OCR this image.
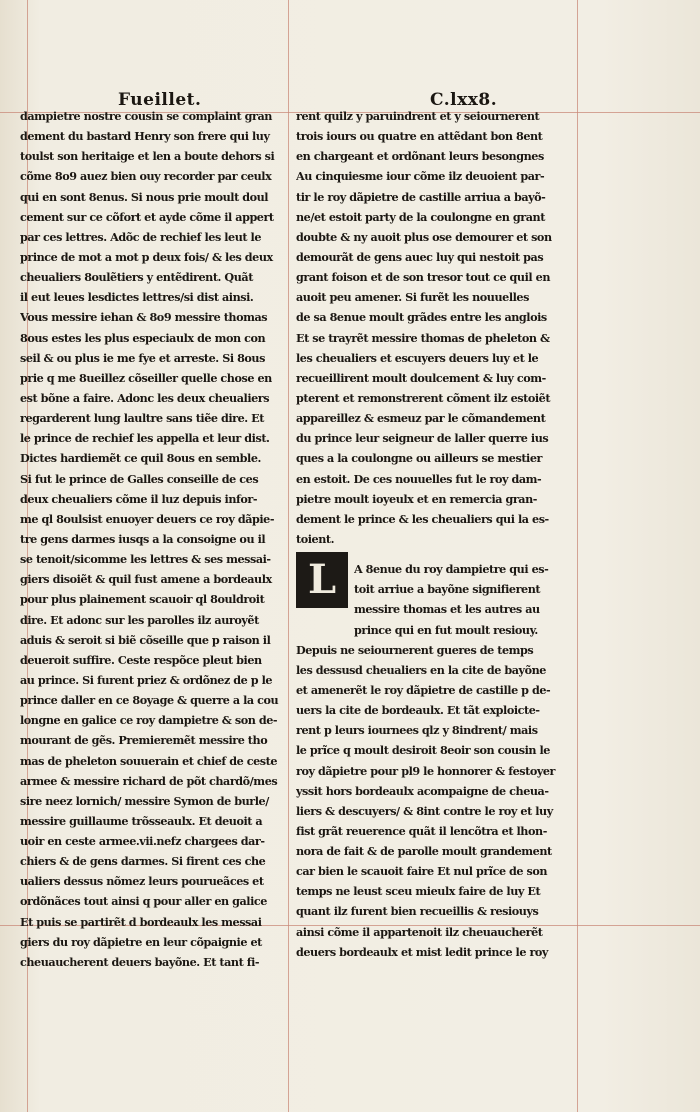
Fueillet.	C.lxx8.
dampietre nostre cousin se complaint gran
dement du bastard Henry son frere qui luy
toulst son heritaige et len a boute dehors si
cõme 8o9 auez bien ouy recorder par ceulx
qui en sont 8enus. Si nous prie moult doul
cement sur ce cõfort et ayde cõme il appert
par ces lettres. Adõc de rechief les leut le
prince de mot a mot p deux fois/ & les deux
cheualiers 8oulẽtiers y entẽdirent. Quãt
il eut leues lesdictes lettres/si dist ainsi.
Vous messire iehan & 8o9 messire thomas
8ous estes les plus especiaulx de mon con
seil & ou plus ie me fye et arreste. Si 8ous
prie q me 8ueillez cõseiller quelle chose en
est bõne a faire. Adonc les deux cheualiers
regarderent lung laultre sans tiẽe dire. Et
le prince de rechief les appella et leur dist.
Dictes hardiemẽt ce quil 8ous en semble.
Si fut le prince de Galles conseille de ces
deux cheualiers cõme il luz depuis infor-
me ql 8oulsist enuoyer deuers ce roy dãpie-
tre gens darmes iusqs a la consoigne ou il
se tenoit/sicomme les lettres & ses messai-
giers disoiẽt & quil fust amene a bordeaulx
pour plus plainement scauoir ql 8ouldroit
dire. Et adonc sur les parolles ilz auroyẽt
aduis & seroit si biẽ cõseille que p raison il
deueroit suffire. Ceste respõce pleut bien
au prince. Si furent priez & ordõnez de p le
prince daller en ce 8oyage & querre a la cou
longne en galice ce roy dampietre & son de-
mourant de gẽs. Premieremẽt messire tho
mas de pheleton souuerain et chief de ceste
armee & messire richard de põt chardõ/mes
sire neez lornich/ messire Symon de burle/
messire guillaume trõsseaulx. Et deuoit a
uoir en ceste armee.vii.nefz chargees dar-
chiers & de gens darmes. Si firent ces che
ualiers dessus nõmez leurs pourueãces et
ordõnãces tout ainsi q pour aller en galice
Et puis se partirẽt d bordeaulx les messai
giers du roy dãpietre en leur cõpaignie et
cheuaucherent deuers bayõne. Et tant fi-
rent quilz y paruindrent et y seiournerent
trois iours ou quatre en attẽdant bon 8ent
en chargeant et ordõnant leurs besongnes
Au cinquiesme iour cõme ilz deuoient par-
tir le roy dãpietre de castille arriua a bayõ-
ne/et estoit party de la coulongne en grant
doubte & ny auoit plus ose demourer et son
demourãt de gens auec luy qui nestoit pas
grant foison et de son tresor tout ce quil en
auoit peu amener. Si furẽt les nouuelles
de sa 8enue moult grãdes entre les anglois
Et se trayrẽt messire thomas de pheleton &
les cheualiers et escuyers deuers luy et le
recueillirent moult doulcement & luy com-
pterent et remonstrerent cõment ilz estoiẽt
appareillez & esmeuz par le cõmandement
du prince leur seigneur de laller querre ius
ques a la coulongne ou ailleurs se mestier
en estoit. De ces nouuelles fut le roy dam-
pietre moult ioyeulx et en remercia gran-
dement le prince & les cheualiers qui la es-
toient.
L	A 8enue du roy dampietre qui es-
toit arriue a bayõne signifierent
messire thomas et les autres au
prince qui en fut moult resiouy.
Depuis ne seiournerent gueres de temps
les dessusd cheualiers en la cite de bayõne
et amenerẽt le roy dãpietre de castille p de-
uers la cite de bordeaulx. Et tãt exploicte-
rent p leurs iournees qlz y 8indrent/ mais
le prĩce q moult desiroit 8eoir son cousin le
roy dãpietre pour pl9 le honnorer & festoyer
yssit hors bordeaulx acompaigne de cheua-
liers & descuyers/ & 8int contre le roy et luy
fist grãt reuerence quãt il lencõtra et lhon-
nora de fait & de parolle moult grandement
car bien le scauoit faire Et nul prĩce de son
temps ne leust sceu mieulx faire de luy Et
quant ilz furent bien recueillis & resiouys
ainsi cõme il appartenoit ilz cheuaucherẽt
deuers bordeaulx et mist ledit prince le roy
